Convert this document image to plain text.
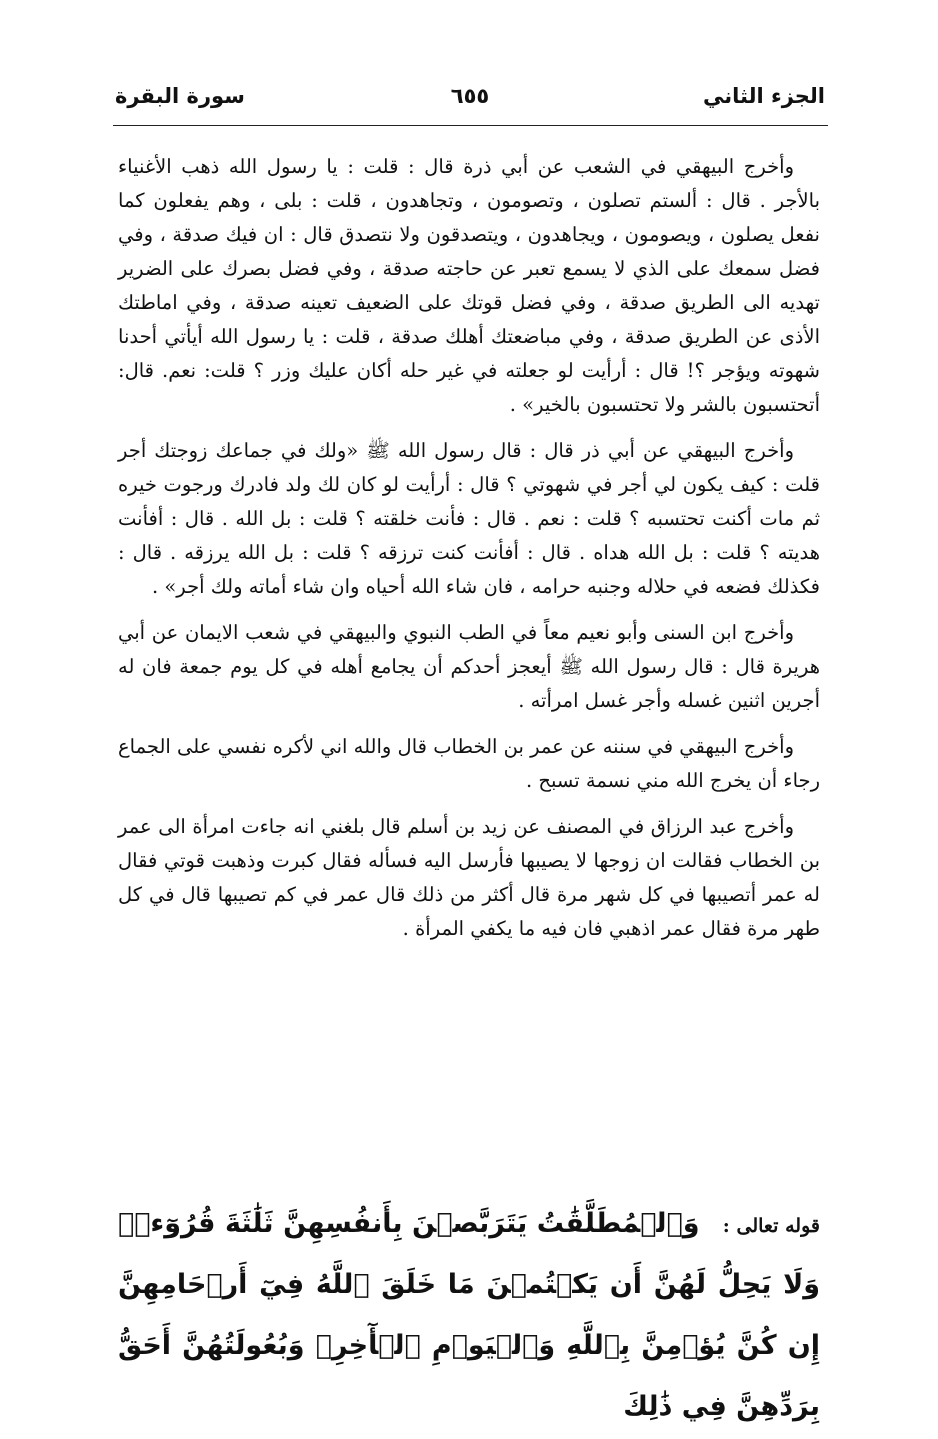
سورة البقرة	٦٥٥	الجزء الثاني

وأخرج البيهقي في الشعب عن أبي ذرة قال : قلت : يا رسول الله ذهب الأغنياء بالأجر . قال : ألستم تصلون ، وتصومون ، وتجاهدون ، قلت : بلى ، وهم يفعلون كما نفعل يصلون ، ويصومون ، ويجاهدون ، ويتصدقون ولا نتصدق قال : ان فيك صدقة ، وفي فضل سمعك على الذي لا يسمع تعبر عن حاجته صدقة ، وفي فضل بصرك على الضرير تهديه الى الطريق صدقة ، وفي فضل قوتك على الضعيف تعينه صدقة ، وفي اماطتك الأذى عن الطريق صدقة ، وفي مباضعتك أهلك صدقة ، قلت : يا رسول الله أيأتي أحدنا شهوته ويؤجر ؟! قال : أرأيت لو جعلته في غير حله أكان عليك وزر ؟ قلت: نعم. قال: أتحتسبون بالشر ولا تحتسبون بالخير» .

وأخرج البيهقي عن أبي ذر قال : قال رسول الله ﷺ «ولك في جماعك زوجتك أجر قلت : كيف يكون لي أجر في شهوتي ؟ قال : أرأيت لو كان لك ولد فادرك ورجوت خيره ثم مات أكنت تحتسبه ؟ قلت : نعم . قال : فأنت خلقته ؟ قلت : بل الله . قال : أفأنت هديته ؟ قلت : بل الله هداه . قال : أفأنت كنت ترزقه ؟ قلت : بل الله يرزقه . قال : فكذلك فضعه في حلاله وجنبه حرامه ، فان شاء الله أحياه وان شاء أماته ولك أجر» .

وأخرج ابن السنى وأبو نعيم معاً في الطب النبوي والبيهقي في شعب الايمان عن أبي هريرة قال : قال رسول الله ﷺ أيعجز أحدكم أن يجامع أهله في كل يوم جمعة فان له أجرين اثنين غسله وأجر غسل امرأته .

وأخرج البيهقي في سننه عن عمر بن الخطاب قال والله اني لأكره نفسي على الجماع رجاء أن يخرج الله مني نسمة تسبح .

وأخرج عبد الرزاق في المصنف عن زيد بن أسلم قال بلغني انه جاءت امرأة الى عمر بن الخطاب فقالت ان زوجها لا يصيبها فأرسل اليه فسأله فقال كبرت وذهبت قوتي فقال له عمر أتصيبها في كل شهر مرة قال أكثر من ذلك قال عمر في كم تصيبها قال في كل طهر مرة فقال عمر اذهبي فان فيه ما يكفي المرأة .

قوله تعالى : وَٱلۡمُطَلَّقَٰتُ يَتَرَبَّصۡنَ بِأَنفُسِهِنَّ ثَلَٰثَةَ قُرُوٓءٖۚ وَلَا يَحِلُّ لَهُنَّ أَن يَكۡتُمۡنَ مَا خَلَقَ ٱللَّهُ فِيٓ أَرۡحَامِهِنَّ إِن كُنَّ يُؤۡمِنَّ بِٱللَّهِ وَٱلۡيَوۡمِ ٱلۡأٓخِرِۚ وَبُعُولَتُهُنَّ أَحَقُّ بِرَدِّهِنَّ فِي ذَٰلِكَ
